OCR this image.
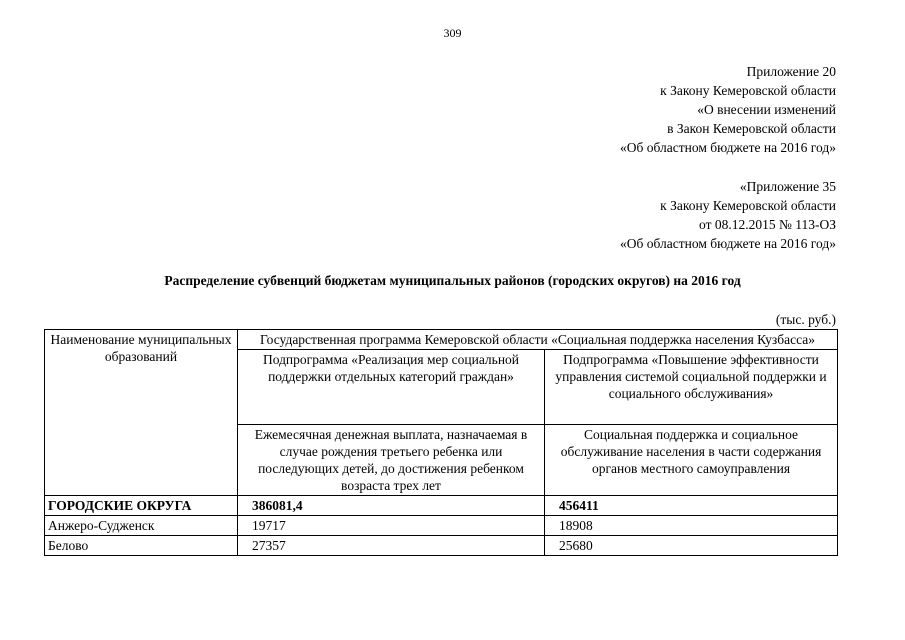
309
Приложение 20
к Закону Кемеровской области
«О внесении изменений
в Закон Кемеровской области
«Об областном бюджете на 2016 год»
«Приложение 35
к Закону Кемеровской области
от 08.12.2015 № 113-ОЗ
«Об областном бюджете на 2016 год»
Распределение субвенций бюджетам муниципальных районов (городских округов) на 2016 год
(тыс. руб.)
Наименование муниципальных образований	Государственная программа Кемеровской области «Социальная поддержка населения Кузбасса»	
	Подпрограмма «Реализация мер социальной поддержки отдельных категорий граждан»	Подпрограмма «Повышение эффективности управления системой социальной поддержки и социального обслуживания»
	Ежемесячная денежная выплата, назначаемая в случае рождения третьего ребенка или последующих детей, до достижения ребенком возраста трех лет	Социальная поддержка и социальное обслуживание населения в части содержания органов местного самоуправления
ГОРОДСКИЕ ОКРУГА	386081,4	456411
Анжеро-Судженск	19717	18908
Белово	27357	25680
